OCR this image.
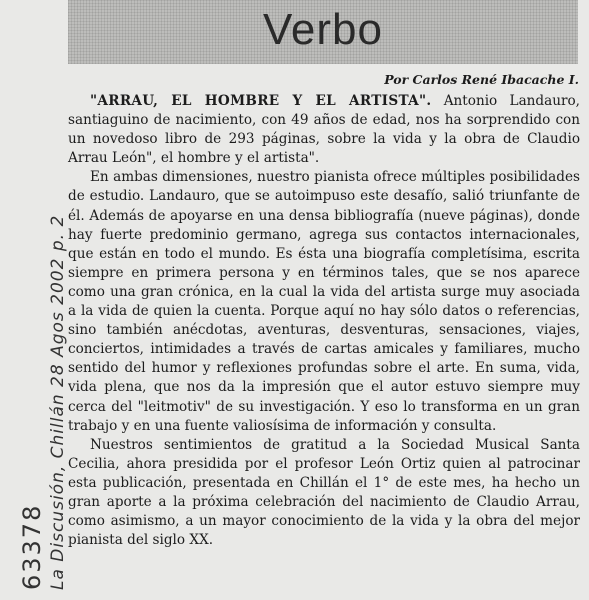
Verbo
Por Carlos René Ibacache I.

"ARRAU, EL HOMBRE Y EL ARTISTA". Antonio Landauro, santiaguino de nacimiento, con 49 años de edad, nos ha sorprendido con un novedoso libro de 293 páginas, sobre la vida y la obra de Claudio Arrau León", el hombre y el artista".

En ambas dimensiones, nuestro pianista ofrece múltiples posibilidades de estudio. Landauro, que se autoimpuso este desafío, salió triunfante de él. Además de apoyarse en una densa bibliografía (nueve páginas), donde hay fuerte predominio germano, agrega sus contactos internacionales, que están en todo el mundo. Es ésta una biografía completísima, escrita siempre en primera persona y en términos tales, que se nos aparece como una gran crónica, en la cual la vida del artista surge muy asociada a la vida de quien la cuenta. Porque aquí no hay sólo datos o referencias, sino también anécdotas, aventuras, desventuras, sensaciones, viajes, conciertos, intimidades a través de cartas amicales y familiares, mucho sentido del humor y reflexiones profundas sobre el arte. En suma, vida, vida plena, que nos da la impresión que el autor estuvo siempre muy cerca del "leitmotiv" de su investigación. Y eso lo transforma en un gran trabajo y en una fuente valiosísima de información y consulta.

Nuestros sentimientos de gratitud a la Sociedad Musical Santa Cecilia, ahora presidida por el profesor León Ortiz quien al patrocinar esta publicación, presentada en Chillán el 1° de este mes, ha hecho un gran aporte a la próxima celebración del nacimiento de Claudio Arrau, como asimismo, a un mayor conocimiento de la vida y la obra del mejor pianista del siglo XX.

La Discusión, Chillán 28 Agos 2002 p. 2
63378
